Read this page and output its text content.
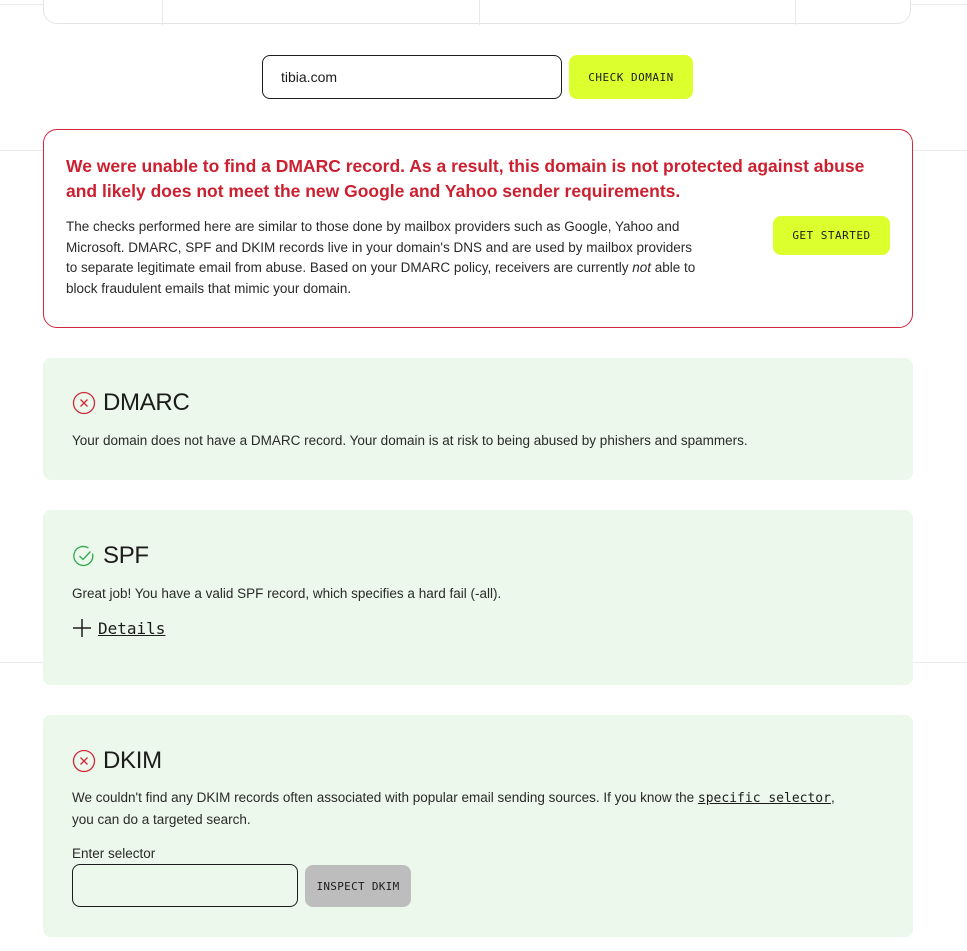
tibia.com
CHECK DOMAIN
We were unable to find a DMARC record. As a result, this domain is not protected against abuse and likely does not meet the new Google and Yahoo sender requirements.

The checks performed here are similar to those done by mailbox providers such as Google, Yahoo and Microsoft. DMARC, SPF and DKIM records live in your domain's DNS and are used by mailbox providers to separate legitimate email from abuse. Based on your DMARC policy, receivers are currently not able to block fraudulent emails that mimic your domain.

GET STARTED
DMARC

Your domain does not have a DMARC record. Your domain is at risk to being abused by phishers and spammers.

SPF

Great job! You have a valid SPF record, which specifies a hard fail (-all).

Details
DKIM

We couldn't find any DKIM records often associated with popular email sending sources. If you know the specific selector,
you can do a targeted search.

Enter selector
INSPECT DKIM
